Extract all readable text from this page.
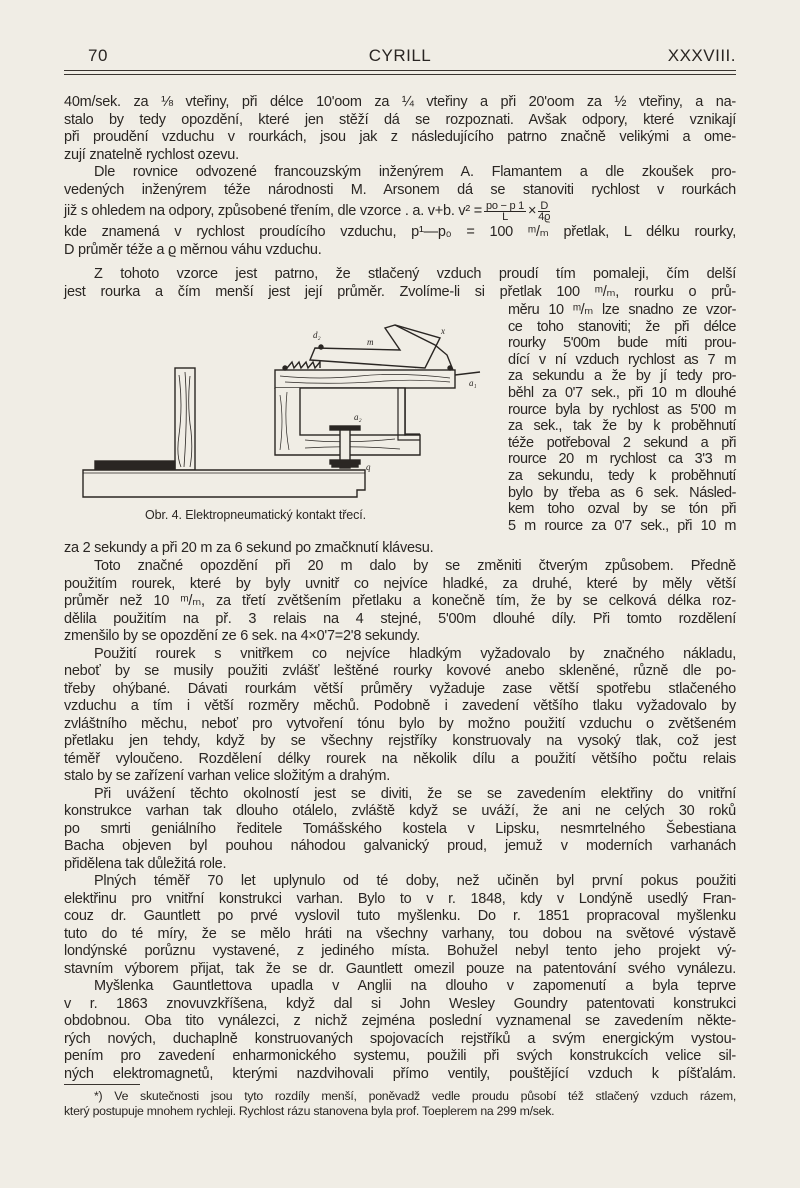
70	CYRILL	XXXVIII.
40m/sek. za ⅛ vteřiny, při délce 10'oom za ¼ vteřiny a při 20'oom za ½ vteřiny, a na-
stalo by tedy opozdění, které jen stěží dá se rozpoznati. Avšak odpory, které vznikají
při proudění vzduchu v rourkách, jsou jak z následujícího patrno značně velikými a ome-
zují znatelně rychlost ozevu.
Dle rovnice odvozené francouzským inženýrem A. Flamantem a dle zkoušek pro-
vedených inženýrem téže národnosti M. Arsonem dá se stanoviti rychlost v rourkách
již s ohledem na odpory, způsobené třením, dle vzorce . a. v+b. $v^2 = \frac{po - p 1}{L} \times \frac{D}{4ϱ}$
kde znamená v rychlost proudícího vzduchu, p¹—p₀ = 100 ᵐ/ₘ přetlak, L délku rourky,
D průměr téže a ϱ měrnou váhu vzduchu.
Z tohoto vzorce jest patrno, že stlačený vzduch proudí tím pomaleji, čím delší
jest rourka a čím menší jest její průměr. Zvolíme-li si přetlak 100 ᵐ/ₘ, rourku o prů-
měru 10 ᵐ/ₘ lze snadno ze vzor-
ce toho stanoviti; že při délce
rourky 5'00m bude míti prou-
dící v ní vzduch rychlost as 7 m
za sekundu a že by jí tedy pro-
běhl za 0'7 sek., při 10 m dlouhé
rource byla by rychlost as 5'00 m
za sek., tak že by k proběhnutí
téže potřeboval 2 sekund a při
rource 20 m rychlost ca 3'3 m
za sekundu, tedy k proběhnutí
bylo by třeba as 6 sek. Násled-
kem toho ozval by se tón při
5 m rource za 0'7 sek., při 10 m
d₂
m
x
a₁
a₂
q
Obr. 4. Elektropneumatický kontakt třecí.
za 2 sekundy a při 20 m za 6 sekund po zmačknutí klávesu.
Toto značné opozdění při 20 m dalo by se změniti čtverým způsobem. Předně
použitím rourek, které by byly uvnitř co nejvíce hladké, za druhé, které by měly větší
průměr než 10 ᵐ/ₘ, za třetí zvětšením přetlaku a konečně tím, že by se celková délka roz-
dělila použitím na př. 3 relais na 4 stejné, 5'00m dlouhé díly. Při tomto rozdělení
zmenšilo by se opozdění ze 6 sek. na 4×0'7=2'8 sekundy.
Použití rourek s vnitřkem co nejvíce hladkým vyžadovalo by značného nákladu,
neboť by se musily použiti zvlášť leštěné rourky kovové anebo skleněné, různě dle po-
třeby ohýbané. Dávati rourkám větší průměry vyžaduje zase větší spotřebu stlačeného
vzduchu a tím i větší rozměry měchů. Podobně i zavedení většího tlaku vyžadovalo by
zvláštního měchu, neboť pro vytvoření tónu bylo by možno použití vzduchu o zvětšeném
přetlaku jen tehdy, když by se všechny rejstříky konstruovaly na vysoký tlak, což jest
téměř vyloučeno. Rozdělení délky rourek na několik dílu a použití většího počtu relais
stalo by se zařízení varhan velice složitým a drahým.
Při uvážení těchto okolností jest se diviti, že se se zavedením elektřiny do vnitřní
konstrukce varhan tak dlouho otálelo, zvláště když se uváží, že ani ne celých 30 roků
po smrti geniálního ředitele Tomášského kostela v Lipsku, nesmrtelného Šebestiana
Bacha objeven byl pouhou náhodou galvanický proud, jemuž v moderních varhanách
přidělena tak důležitá role.
Plných téměř 70 let uplynulo od té doby, než učiněn byl první pokus použiti
elektřinu pro vnitřní konstrukci varhan. Bylo to v r. 1848, kdy v Londýně usedlý Fran-
couz dr. Gauntlett po prvé vyslovil tuto myšlenku. Do r. 1851 propracoval myšlenku
tuto do té míry, že se mělo hráti na všechny varhany, tou dobou na světové výstavě
londýnské porůznu vystavené, z jediného místa. Bohužel nebyl tento jeho projekt vý-
stavním výborem přijat, tak že se dr. Gauntlett omezil pouze na patentování svého vynálezu.
Myšlenka Gauntlettova upadla v Anglii na dlouho v zapomenutí a byla teprve
v r. 1863 znovuvzkříšena, když dal si John Wesley Goundry patentovati konstrukci
obdobnou. Oba tito vynálezci, z nichž zejména poslední vyznamenal se zavedením někte-
rých nových, duchaplně konstruovaných spojovacích rejstříků a svým energickým vystou-
pením pro zavedení enharmonického systemu, použili při svých konstrukcích velice sil-
ných elektromagnetů, kterými nazdvihovali přímo ventily, pouštějící vzduch k píšťalám.
*) Ve skutečnosti jsou tyto rozdíly menší, poněvadž vedle proudu působí též stlačený vzduch rázem,
který postupuje mnohem rychleji. Rychlost rázu stanovena byla prof. Toeplerem na 299 m/sek.
